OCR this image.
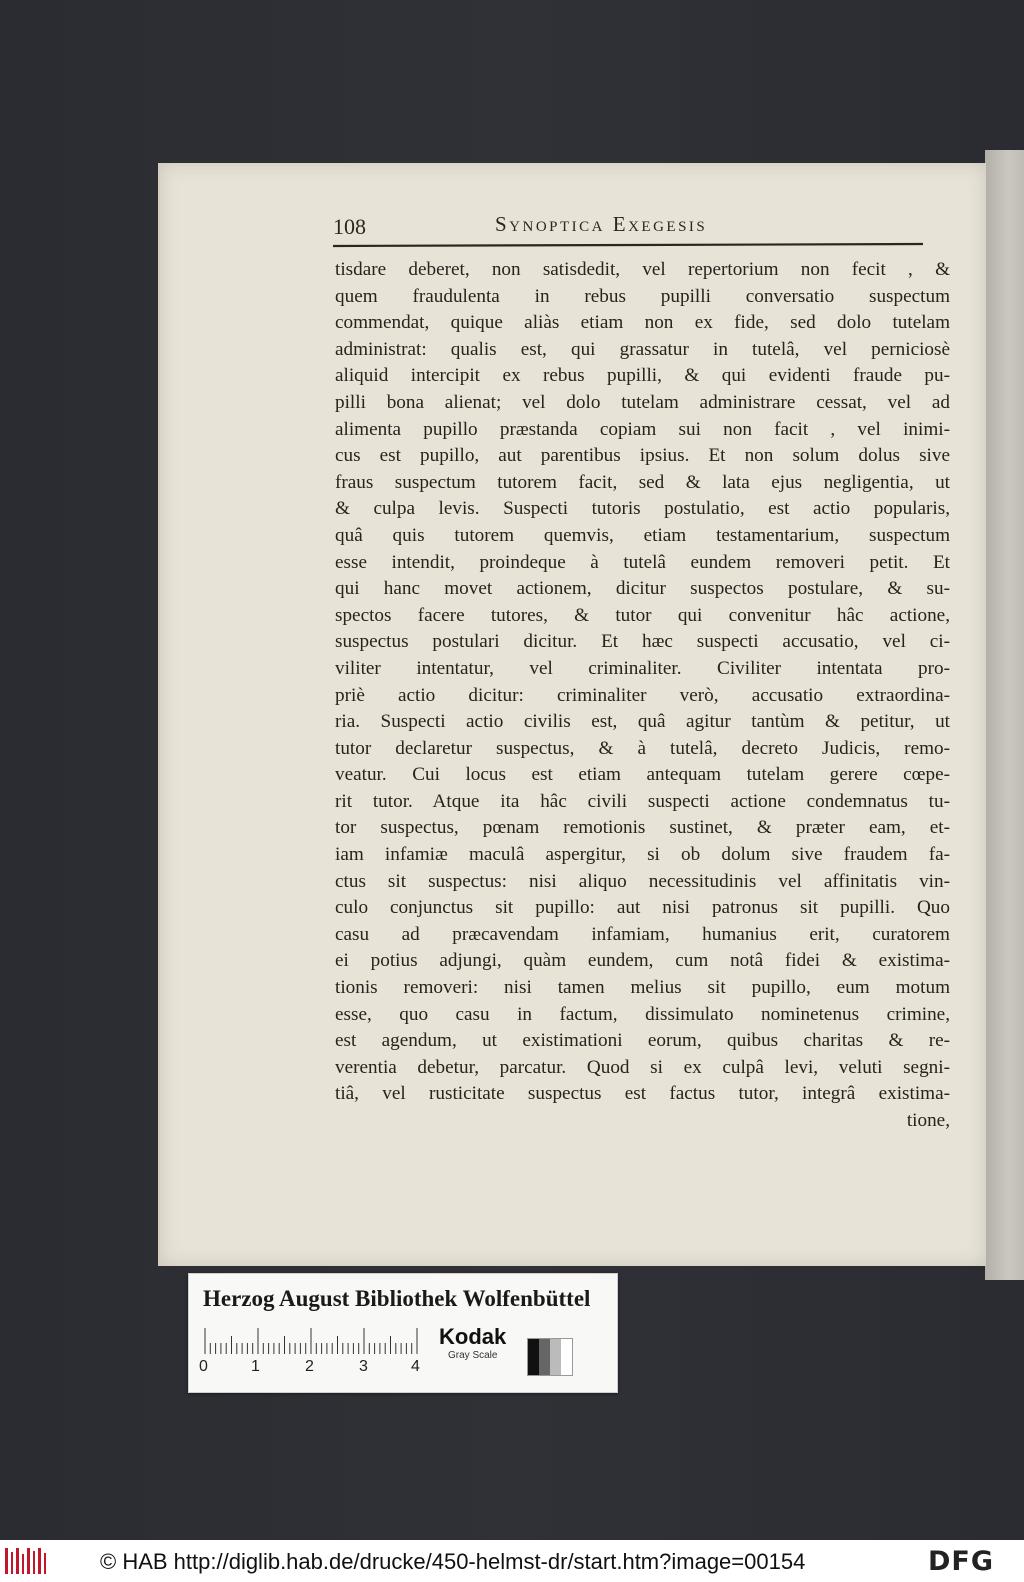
108	Synoptica Exegesis
tisdare deberet, non satisdedit, vel repertorium non fecit , &
quem fraudulenta in rebus pupilli conversatio suspectum
commendat, quique aliàs etiam non ex fide, sed dolo tutelam
administrat: qualis est, qui grassatur in tutelâ, vel perniciosè
aliquid intercipit ex rebus pupilli, & qui evidenti fraude pu-
pilli bona alienat; vel dolo tutelam administrare cessat, vel ad
alimenta pupillo præstanda copiam sui non facit , vel inimi-
cus est pupillo, aut parentibus ipsius. Et non solum dolus sive
fraus suspectum tutorem facit, sed & lata ejus negligentia, ut
& culpa levis. Suspecti tutoris postulatio, est actio popularis,
quâ quis tutorem quemvis, etiam testamentarium, suspectum
esse intendit, proindeque à tutelâ eundem removeri petit. Et
qui hanc movet actionem, dicitur suspectos postulare, & su-
spectos facere tutores, & tutor qui convenitur hâc actione,
suspectus postulari dicitur. Et hæc suspecti accusatio, vel ci-
viliter intentatur, vel criminaliter. Civiliter intentata pro-
priè actio dicitur: criminaliter verò, accusatio extraordina-
ria. Suspecti actio civilis est, quâ agitur tantùm & petitur, ut
tutor declaretur suspectus, & à tutelâ, decreto Judicis, remo-
veatur. Cui locus est etiam antequam tutelam gerere cœpe-
rit tutor. Atque ita hâc civili suspecti actione condemnatus tu-
tor suspectus, pœnam remotionis sustinet, & præter eam, et-
iam infamiæ maculâ aspergitur, si ob dolum sive fraudem fa-
ctus sit suspectus: nisi aliquo necessitudinis vel affinitatis vin-
culo conjunctus sit pupillo: aut nisi patronus sit pupilli. Quo
casu ad præcavendam infamiam, humanius erit, curatorem
ei potius adjungi, quàm eundem, cum notâ fidei & existima-
tionis removeri: nisi tamen melius sit pupillo, eum motum
esse, quo casu in factum, dissimulato nominetenus crimine,
est agendum, ut existimationi eorum, quibus charitas & re-
verentia debetur, parcatur. Quod si ex culpâ levi, veluti segni-
tiâ, vel rusticitate suspectus est factus tutor, integrâ existima-
tione,
Herzog August Bibliothek Wolfenbüttel
0	1	2	3	4
Kodak
Gray Scale
© HAB http://diglib.hab.de/drucke/450-helmst-dr/start.htm?image=00154	DFG
